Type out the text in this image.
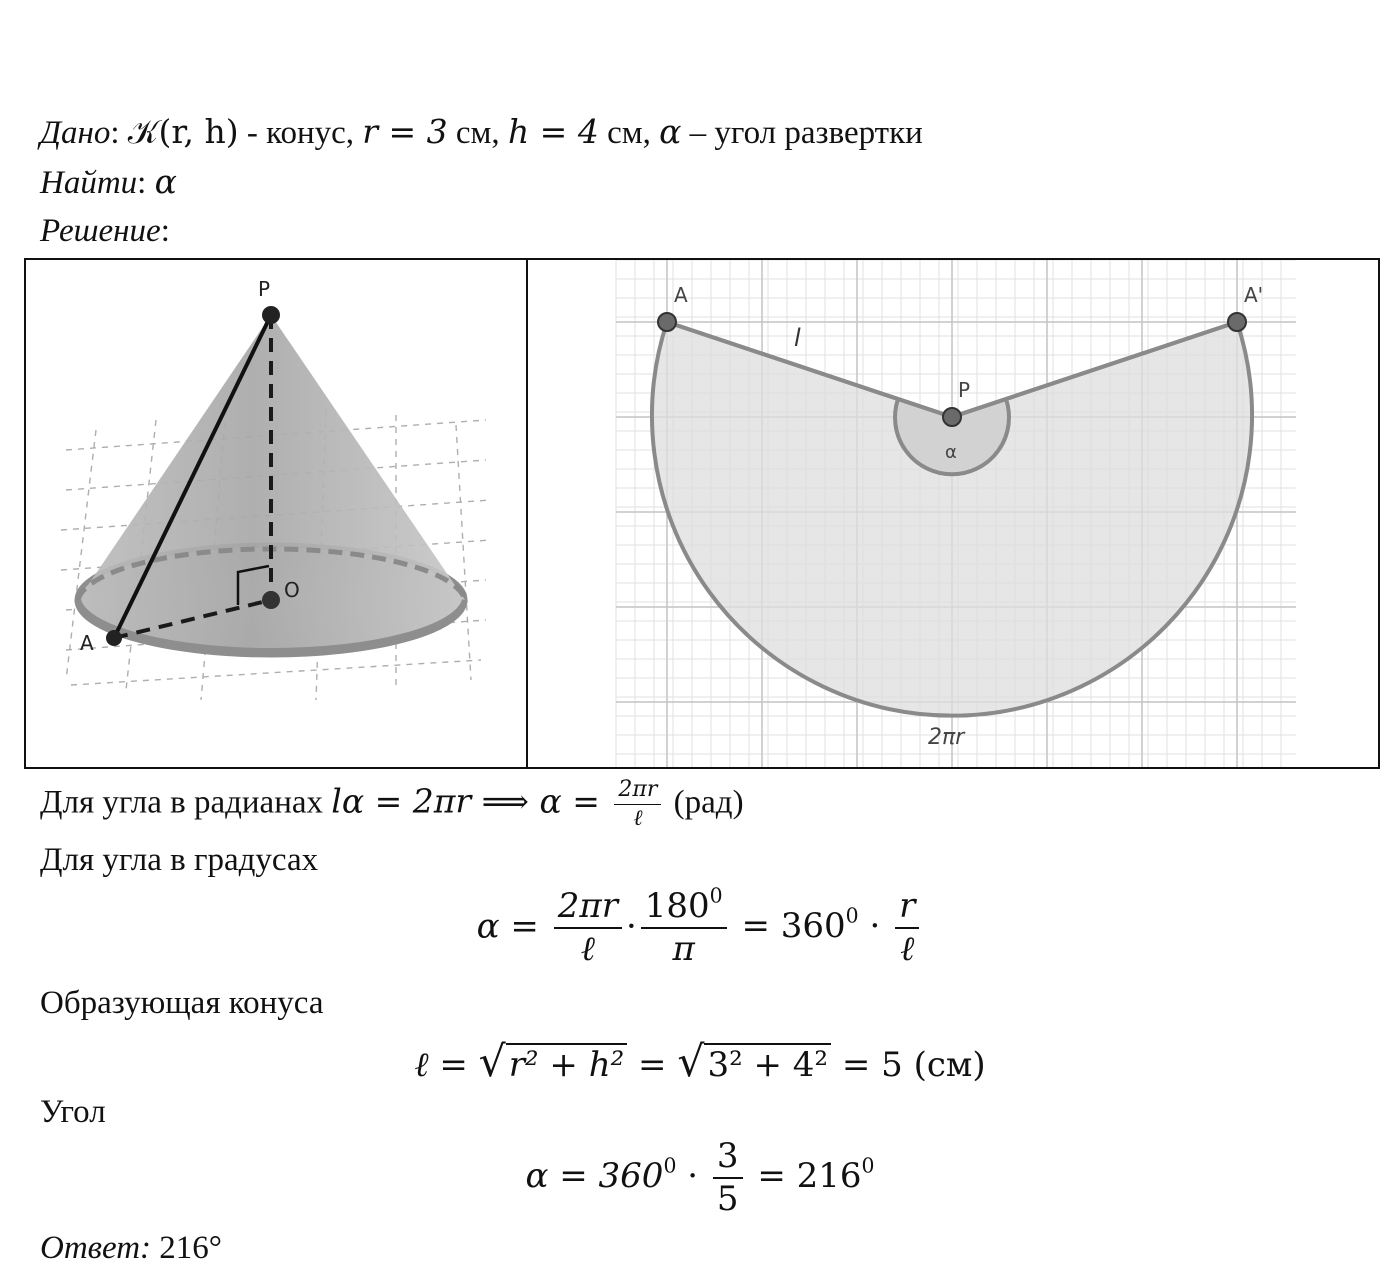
Дано: 𝒦(r, h) - конус, r = 3 см, h = 4 см, α – угол развертки
Найти: α
Решение:
P
O
A
A	A'
P
l
α
2πr
Для угла в радианах lα = 2πr ⟹ $\alpha = \frac{2\pi r}{\text{ℓ}} (рад)$
Для угла в градусах
$\alpha = \frac{2\pi r}{\text{ℓ}} \cdot \frac{180^0}{\pi} = 360^0 \cdot \frac{r}{\text{ℓ}}$
Образующая конуса
ℓ = √r² + h² = √3² + 4² = 5 (см)
Угол
$\alpha = 360^0 \cdot \frac{3}{5} = 216^0$
Ответ: 216°
